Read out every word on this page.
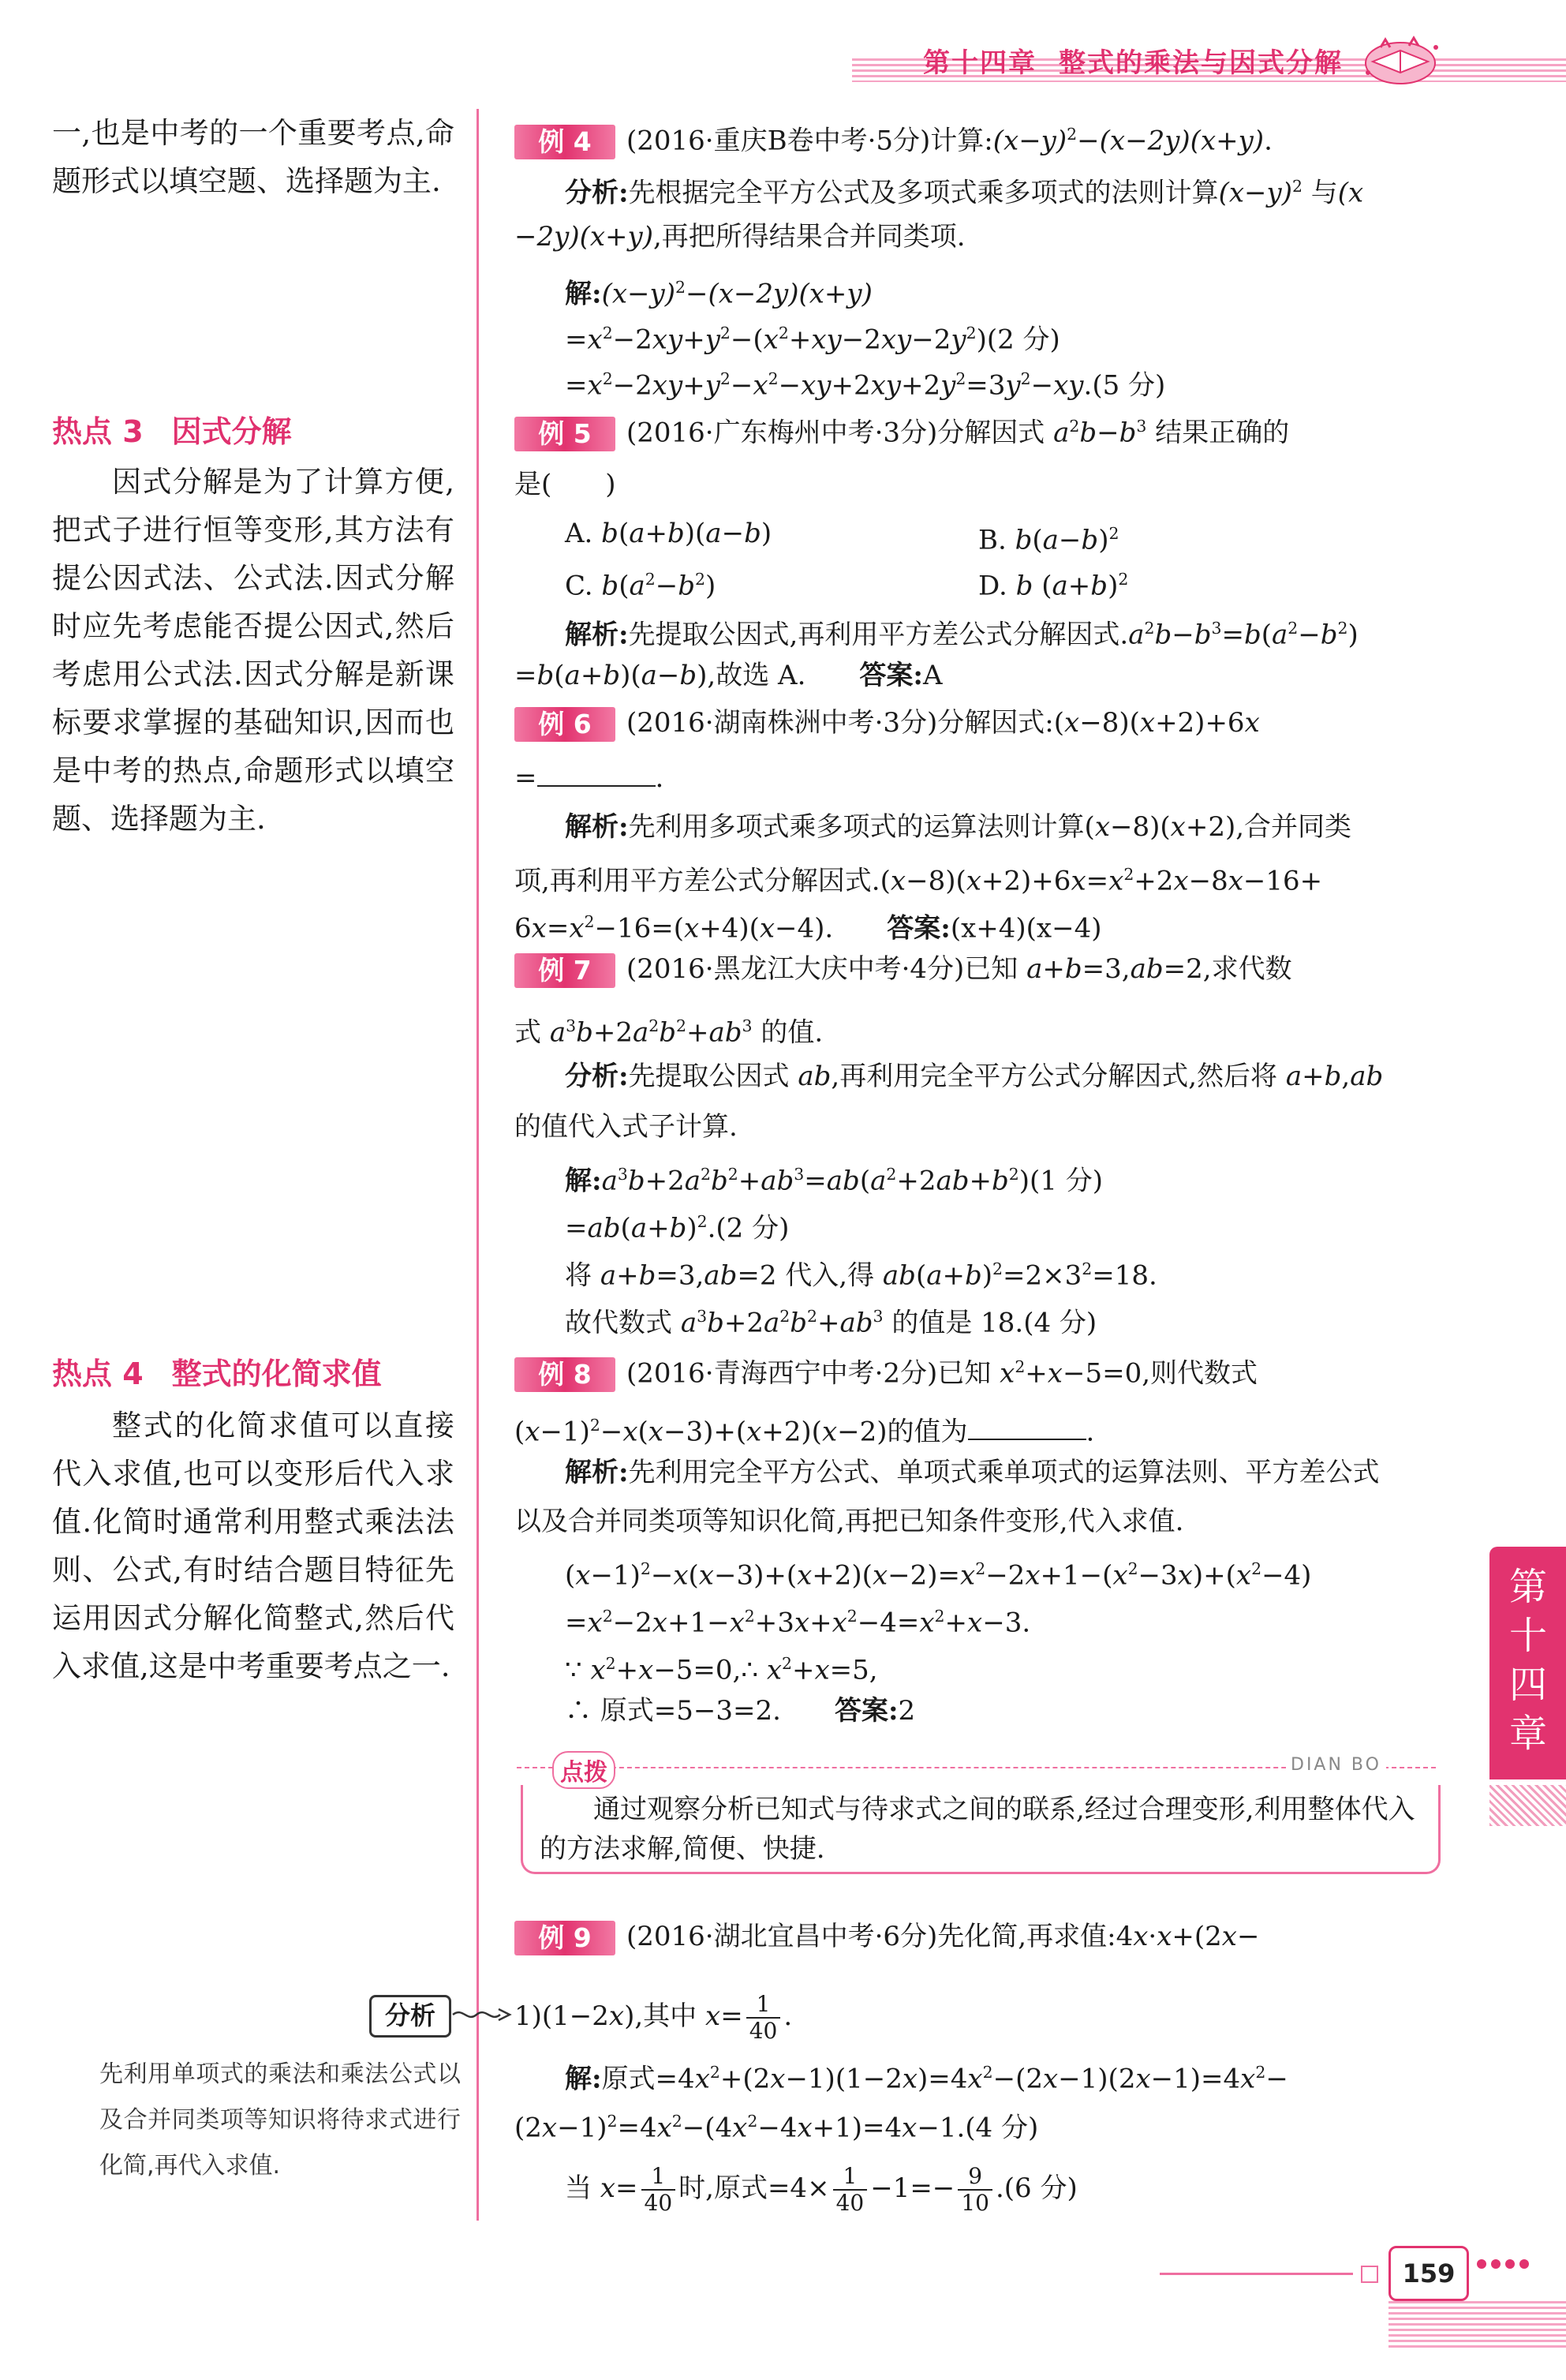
第十四章 整式的乘法与因式分解
一,也是中考的一个重要考点,命题形式以填空题、选择题为主.
热点 3 因式分解
因式分解是为了计算方便,把式子进行恒等变形,其方法有提公因式法、公式法.因式分解时应先考虑能否提公因式,然后考虑用公式法.因式分解是新课标要求掌握的基础知识,因而也是中考的热点,命题形式以填空题、选择题为主.
热点 4 整式的化简求值
整式的化简求值可以直接代入求值,也可以变形后代入求值.化简时通常利用整式乘法法则、公式,有时结合题目特征先运用因式分解化简整式,然后代入求值,这是中考重要考点之一.
分析
先利用单项式的乘法和乘法公式以及合并同类项等知识将待求式进行化简,再代入求值.
例 4 (2016·重庆B卷中考·5分)计算$:(x-y)^2-(x-2y)(x+y)$.
分析:先根据完全平方公式及多项式乘多项式的法则计算$(x-y)^2$ 与(x
−2y)(x+y),再把所得结果合并同类项.
解$:(x-y)^2-(x-2y)(x+y)$
$=x^2-2xy+y^2-(x^2+xy-2xy-2y^2)(2$ 分)
$=x^2-2xy+y^2-x^2-xy+2xy+2y^2=3y^2-xy.(5$ 分)
例 5 (2016·广东梅州中考·3分)分解因式 $a^2b-b^3$ 结果正确的
是(　　)
A. b(a+b)(a−b)	B. $b(a-b)^2$
C. $b(a^2-b^2)$	D. b $(a+b)^2$
解析:先提取公因式,再利用平方差公式分解因式$.a^2b-b^3=b(a^2-b^2)$
=b(a+b)(a−b),故选 A.　　答案:A
例 6 (2016·湖南株洲中考·3分)分解因式:(x−8)(x+2)+6x
=	.
解析:先利用多项式乘多项式的运算法则计算(x−8)(x+2),合并同类
项,再利用平方差公式分解因式$.(x-8)(x+2)+6x=x^2+2x-8x-16+$
$6x=x^2-16=(x+4)(x-4)$.　　答案:(x+4)(x−4)
例 7 (2016·黑龙江大庆中考·4分)已知 a+b=3,ab=2,求代数
式 $a^3b+2a^2b^2+ab^3$ 的值.
分析:先提取公因式 ab,再利用完全平方公式分解因式,然后将 a+b,ab
的值代入式子计算.
解$:a^3b+2a^2b^2+ab^3=ab(a^2+2ab+b^2)(1$ 分)
$=ab(a+b)^2.(2$ 分)
将 a+b=3,ab=2 代入,得 $ab(a+b)^2=2\times 3^2=18$.
故代数式 $a^3b+2a^2b^2+ab^3$ 的值是 18.(4 分)
例 8 (2016·青海西宁中考·2分)已知 $x^2+x-5=0$,则代数式
$(x-1)^2-x(x-3)+(x+2)(x-2)$的值为	.
解析:先利用完全平方公式、单项式乘单项式的运算法则、平方差公式
以及合并同类项等知识化简,再把已知条件变形,代入求值.
$(x-1)^2-x(x-3)+(x+2)(x-2)=x^2-2x+1-(x^2-3x)+(x^2-4)$
$=x^2-2x+1-x^2+3x+x^2-4=x^2+x-3$.
∵ $x^2+x-5=0,\therefore$ $x^2+x=5$,
∴ 原式=5−3=2.　　答案:2
点拨	DIAN BO
通过观察分析已知式与待求式之间的联系,经过合理变形,利用整体代入的方法求解,简便、快捷.
例 9 (2016·湖北宜昌中考·6分)先化简,再求值:4x·x+(2x−
1)(1−2x),其中 $x= \frac{1}{40}$ .
解:原式$=4x^2+(2x-1)(1-2x)=4x^2-(2x-1)(2x-1)=4x^2-$
$(2x-1)^2=4x^2-(4x^2-4x+1)=4x-1.(4$ 分)
当 $x= \frac{1}{40}$ 时,原式$=4\times \frac{1}{40} -1=- \frac{9}{10} .(6$ 分)
第十四章
159
